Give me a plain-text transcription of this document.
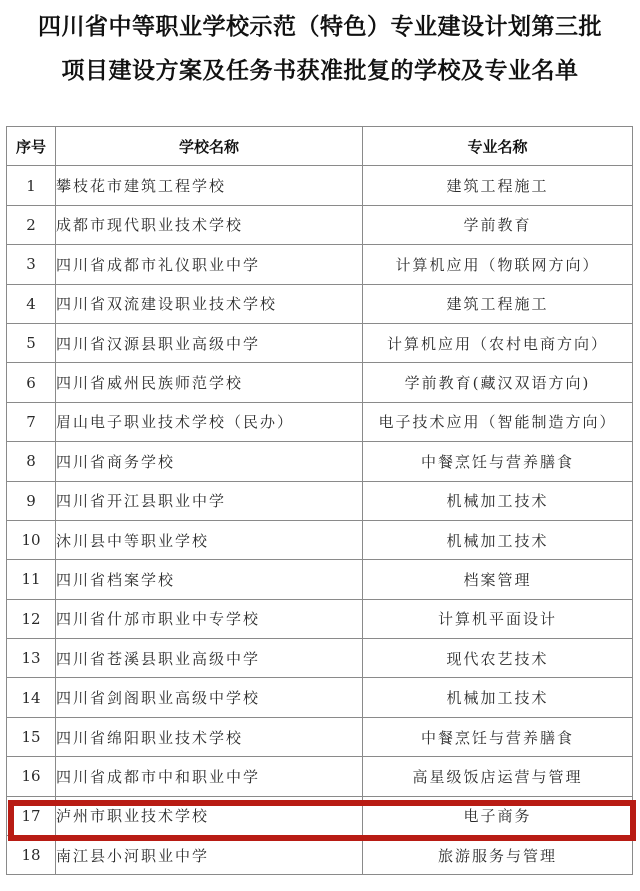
四川省中等职业学校示范（特色）专业建设计划第三批
项目建设方案及任务书获准批复的学校及专业名单
序号	学校名称	专业名称
1	攀枝花市建筑工程学校	建筑工程施工
2	成都市现代职业技术学校	学前教育
3	四川省成都市礼仪职业中学	计算机应用（物联网方向）
4	四川省双流建设职业技术学校	建筑工程施工
5	四川省汉源县职业高级中学	计算机应用（农村电商方向）
6	四川省威州民族师范学校	学前教育(藏汉双语方向)
7	眉山电子职业技术学校（民办）	电子技术应用（智能制造方向）
8	四川省商务学校	中餐烹饪与营养膳食
9	四川省开江县职业中学	机械加工技术
10	沐川县中等职业学校	机械加工技术
11	四川省档案学校	档案管理
12	四川省什邡市职业中专学校	计算机平面设计
13	四川省苍溪县职业高级中学	现代农艺技术
14	四川省剑阁职业高级中学校	机械加工技术
15	四川省绵阳职业技术学校	中餐烹饪与营养膳食
16	四川省成都市中和职业中学	高星级饭店运营与管理
17	泸州市职业技术学校	电子商务
18	南江县小河职业中学	旅游服务与管理
